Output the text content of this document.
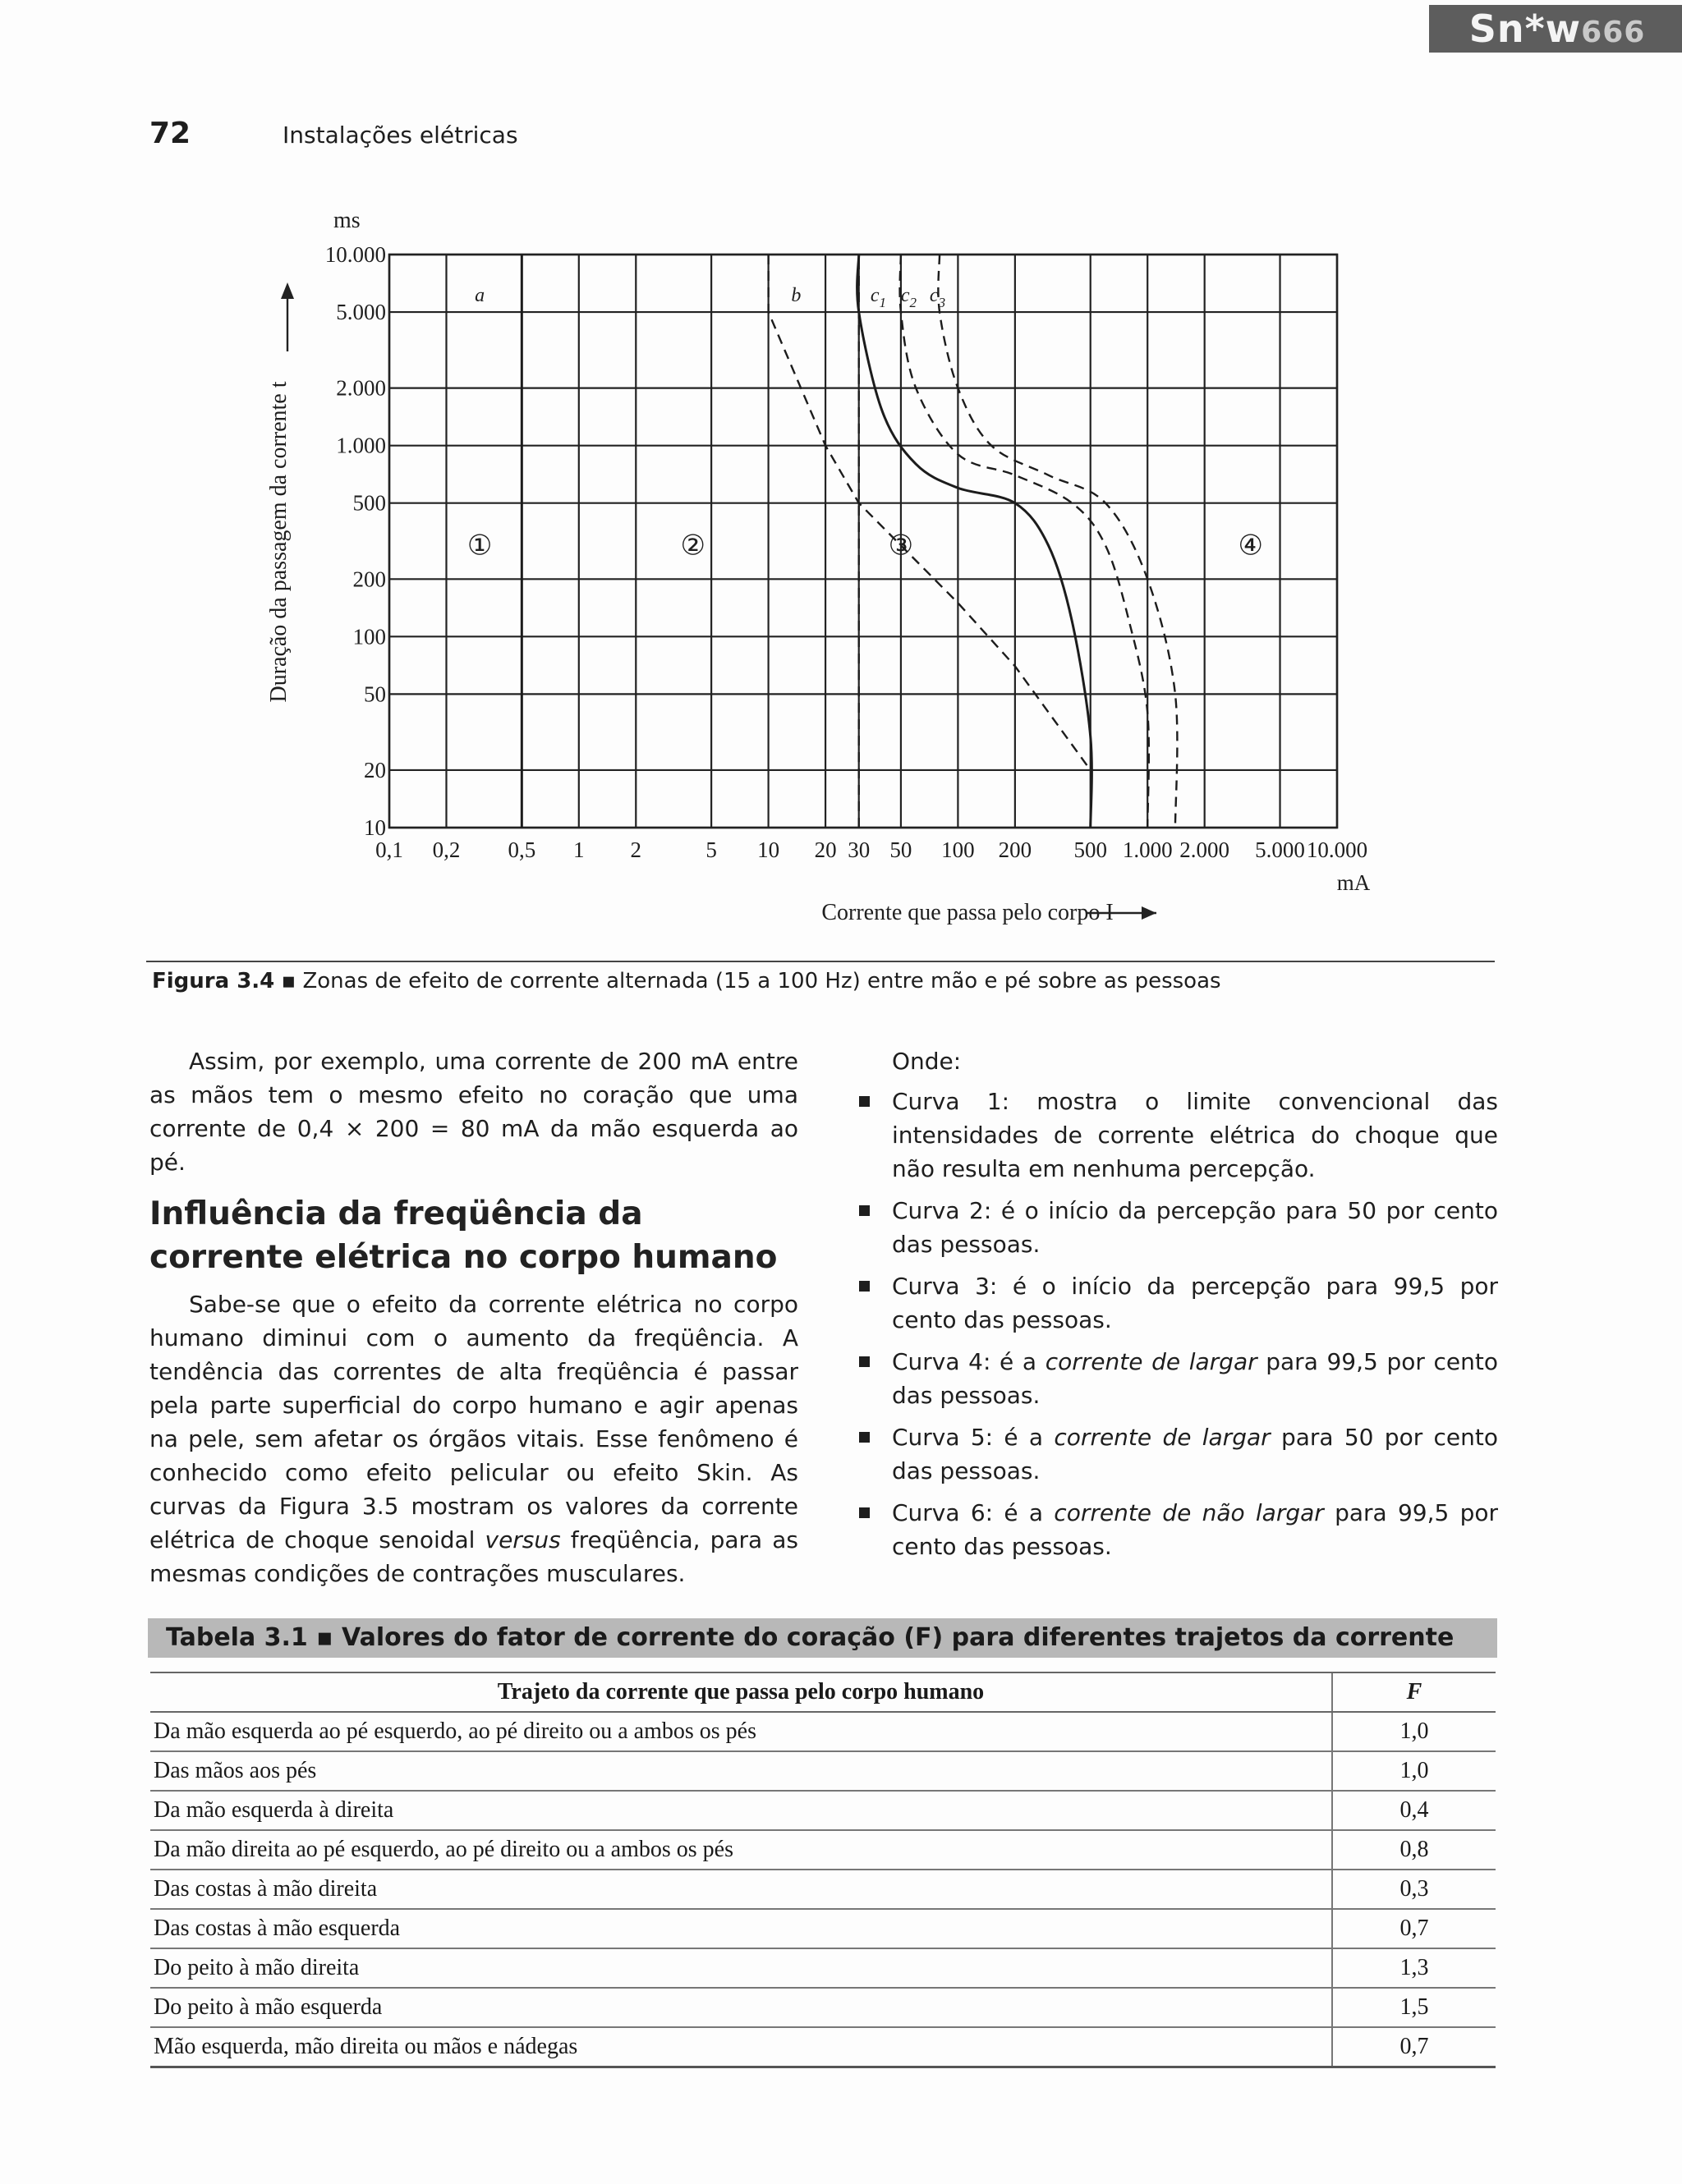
Sn*w666
72	Instalações elétricas
10
20
50
100
200
500
1.000
2.000
5.000
10.000
0,1 0,2 0,5 1 2	5 10 20 30 50 100 200 500 1.000 2.000 5.000 10.000
ms
mA
Corrente que passa pelo corpo I
Duração da passagem da corrente t
a	b	$c_1$ $c_2$ $c_3$
①	②	③	④
Figura 3.4 ▪ Zonas de efeito de corrente alternada (15 a 100 Hz) entre mão e pé sobre as pessoas

Assim, por exemplo, uma corrente de 200 mA entre as mãos tem o mesmo efeito no coração que uma corrente de 0,4 × 200 = 80 mA da mão esquerda ao pé.

Influência da freqüência da corrente elétrica no corpo humano

Sabe-se que o efeito da corrente elétrica no corpo humano diminui com o aumento da freqüência. A tendência das correntes de alta freqüência é passar pela parte superficial do corpo humano e agir apenas na pele, sem afetar os órgãos vitais. Esse fenômeno é conhecido como efeito pelicular ou efeito Skin. As curvas da Figura 3.5 mostram os valores da corrente elétrica de choque senoidal versus freqüência, para as mesmas condições de contrações musculares.

Onde:

Curva 1: mostra o limite convencional das intensidades de corrente elétrica do choque que não resulta em nenhuma percepção.
Curva 2: é o início da percepção para 50 por cento das pessoas.
Curva 3: é o início da percepção para 99,5 por cento das pessoas.
Curva 4: é a corrente de largar para 99,5 por cento das pessoas.
Curva 5: é a corrente de largar para 50 por cento das pessoas.
Curva 6: é a corrente de não largar para 99,5 por cento das pessoas.
Tabela 3.1 ▪ Valores do fator de corrente do coração (F) para diferentes trajetos da corrente
Trajeto da corrente que passa pelo corpo humano	F
Da mão esquerda ao pé esquerdo, ao pé direito ou a ambos os pés	1,0
Das mãos aos pés	1,0
Da mão esquerda à direita	0,4
Da mão direita ao pé esquerdo, ao pé direito ou a ambos os pés	0,8
Das costas à mão direita	0,3
Das costas à mão esquerda	0,7
Do peito à mão direita	1,3
Do peito à mão esquerda	1,5
Mão esquerda, mão direita ou mãos e nádegas	0,7
